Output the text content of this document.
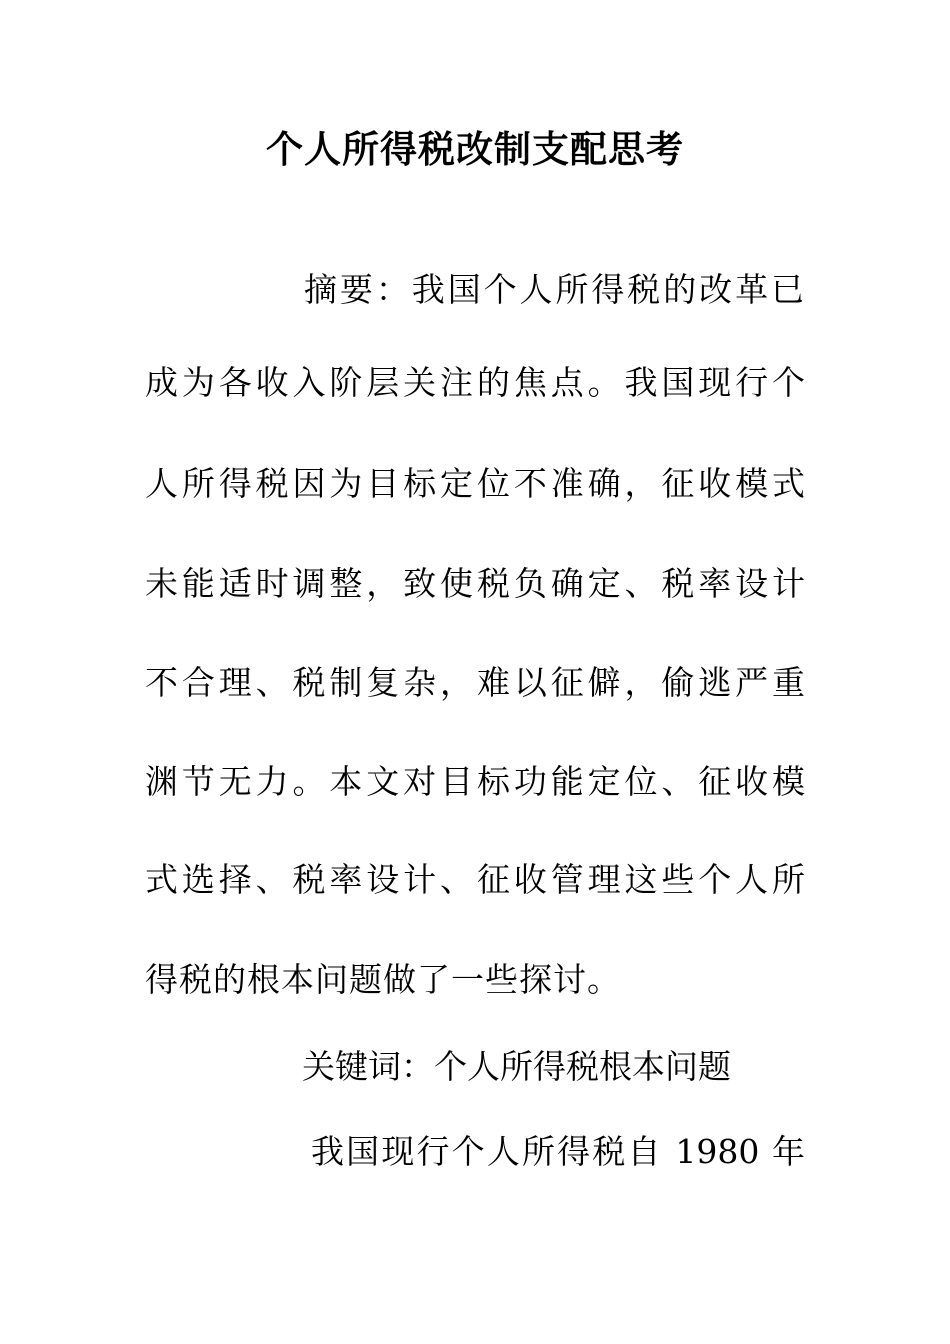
个人所得税改制支配思考
摘要：我国个人所得税的改革已
成为各收入阶层关注的焦点。我国现行个
人所得税因为目标定位不准确，征收模式
未能适时调整，致使税负确定、税率设计
不合理、税制复杂，难以征僻，偷逃严重
渊节无力。本文对目标功能定位、征收模
式选择、税率设计、征收管理这些个人所
得税的根本问题做了一些探讨。
关键词：个人所得税根本问题
我国现行个人所得税自 1980 年
